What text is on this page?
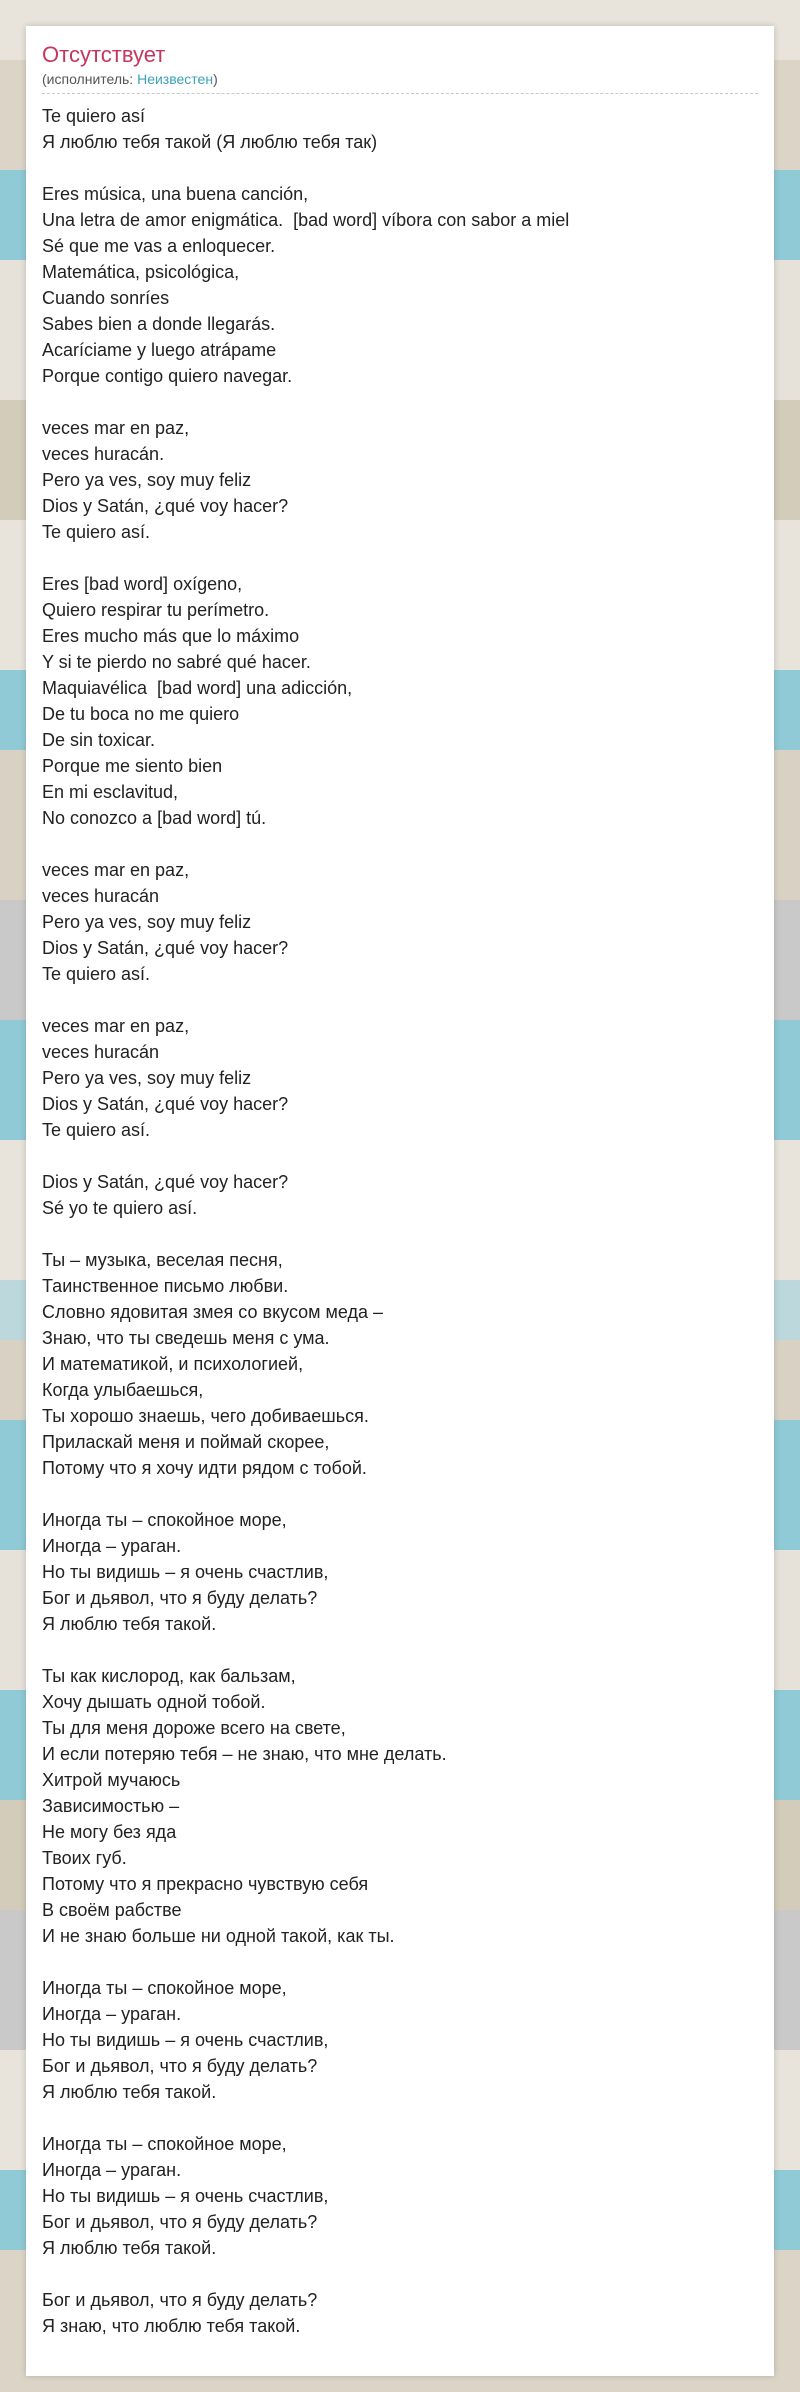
Отсутствует
(исполнитель: Неизвестен)
Te quiero así
Я люблю тебя такой (Я люблю тебя так)
Eres música, una buena canción,
Una letra de amor enigmática.  [bad word] víbora con sabor a miel
Sé que me vas a enloquecer.
Matemática, psicológica,
Cuando sonríes
Sabes bien a donde llegarás.
Acaríciame y luego atrápame
Porque contigo quiero navegar.
veces mar en paz,
veces huracán.
Pero ya ves, soy muy feliz
Dios y Satán, ¿qué voy hacer?
Te quiero así.
Eres [bad word] oxígeno,
Quiero respirar tu perímetro.
Eres mucho más que lo máximo
Y si te pierdo no sabré qué hacer.
Maquiavélica  [bad word] una adicción,
De tu boca no me quiero
De sin toxicar.
Porque me siento bien
En mi esclavitud,
No conozco a [bad word] tú.
veces mar en paz,
veces huracán
Pero ya ves, soy muy feliz
Dios y Satán, ¿qué voy hacer?
Te quiero así.
veces mar en paz,
veces huracán
Pero ya ves, soy muy feliz
Dios y Satán, ¿qué voy hacer?
Te quiero así.
Dios y Satán, ¿qué voy hacer?
Sé yo te quiero así.
Ты – музыка, веселая песня,
Таинственное письмо любви.
Словно ядовитая змея со вкусом меда –
Знаю, что ты сведешь меня с ума.
И математикой, и психологией,
Когда улыбаешься,
Ты хорошо знаешь, чего добиваешься.
Приласкай меня и поймай скорее,
Потому что я хочу идти рядом с тобой.
Иногда ты – спокойное море,
Иногда – ураган.
Но ты видишь – я очень счастлив,
Бог и дьявол, что я буду делать?
Я люблю тебя такой.
Ты как кислород, как бальзам,
Хочу дышать одной тобой.
Ты для меня дороже всего на свете,
И если потеряю тебя – не знаю, что мне делать.
Хитрой мучаюсь
Зависимостью –
Не могу без яда
Твоих губ.
Потому что я прекрасно чувствую себя
В своём рабстве
И не знаю больше ни одной такой, как ты.
Иногда ты – спокойное море,
Иногда – ураган.
Но ты видишь – я очень счастлив,
Бог и дьявол, что я буду делать?
Я люблю тебя такой.
Иногда ты – спокойное море,
Иногда – ураган.
Но ты видишь – я очень счастлив,
Бог и дьявол, что я буду делать?
Я люблю тебя такой.
Бог и дьявол, что я буду делать?
Я знаю, что люблю тебя такой.
